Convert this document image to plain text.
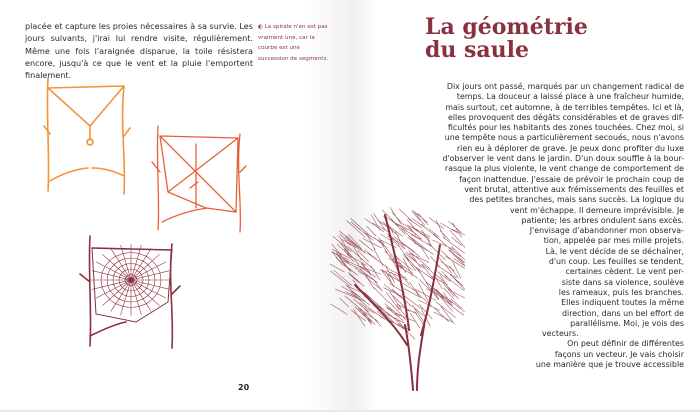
placée et capture les proies nécessaires à sa survie. Les jours suivants, j'irai lui rendre visite, régulièrement. Même une fois l'araignée disparue, la toile résistera encore, jusqu'à ce que le vent et la pluie l'emportent finalement.

◐ La spirale n'en est pas vraiment une, car la courbe est une succession de segments.

20
La géométrie
du saule
Dix jours ont passé, marqués par un changement radical de
temps. La douceur a laissé place à une fraîcheur humide,
mais surtout, cet automne, à de terribles tempêtes. Ici et là,
elles provoquent des dégâts considérables et de graves dif-
ficultés pour les habitants des zones touchées. Chez moi, si
une tempête nous a particulièrement secoués, nous n'avons
rien eu à déplorer de grave. Je peux donc profiter du luxe
d'observer le vent dans le jardin. D'un doux souffle à la bour-
rasque la plus violente, le vent change de comportement de
façon inattendue. J'essaie de prévoir le prochain coup de
vent brutal, attentive aux frémissements des feuilles et
des petites branches, mais sans succès. La logique du
vent m'échappe. Il demeure imprévisible. Je
patiente; les arbres ondulent sans excès.
J'envisage d'abandonner mon observa-
tion, appelée par mes mille projets.
Là, le vent décide de se déchaîner,
d'un coup. Les feuilles se tendent,
certaines cèdent. Le vent per-
siste dans sa violence, soulève
les rameaux, puis les branches.
Elles indiquent toutes la même
direction, dans un bel effort de
parallélisme. Moi, je vois des
vecteurs.
On peut définir de différentes
façons un vecteur. Je vais choisir
une manière que je trouve accessible
